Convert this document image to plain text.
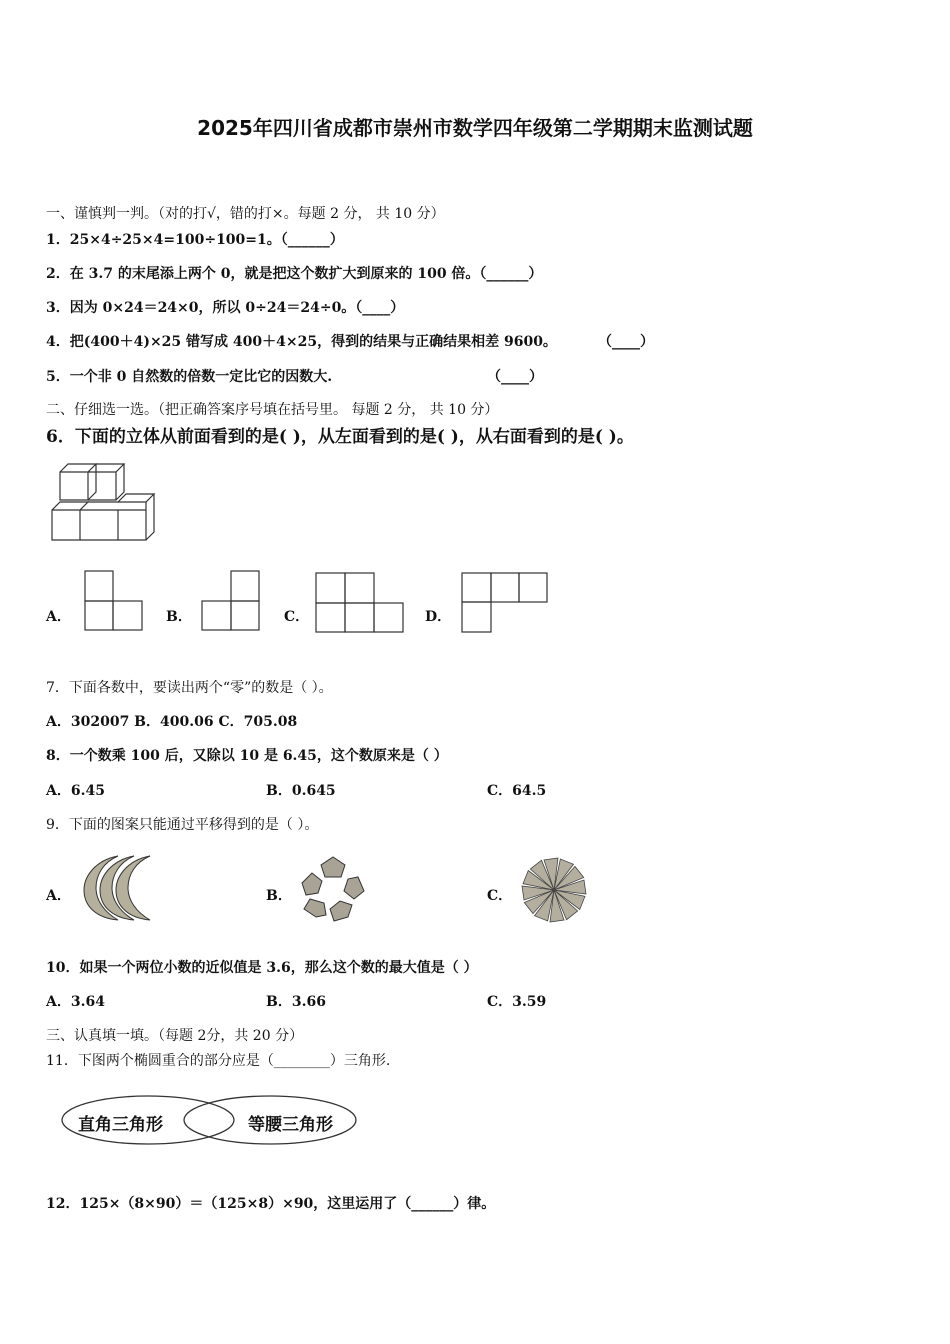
2025年四川省成都市崇州市数学四年级第二学期期末监测试题
一、谨慎判一判。（对的打√，错的打×。每题 2 分， 共 10 分）
1．25×4÷25×4=100÷100=1。（______）
2．在 3.7 的末尾添上两个 0，就是把这个数扩大到原来的 100 倍。（______）
3．因为 0×24＝24×0，所以 0÷24＝24÷0。（____）
4．把(400＋4)×25 错写成 400＋4×25，得到的结果与正确结果相差 9600。	（____）
5．一个非 0 自然数的倍数一定比它的因数大.	（____）
二、仔细选一选。（把正确答案序号填在括号里。 每题 2 分， 共 10 分）
6．下面的立体从前面看到的是( )，从左面看到的是( )，从右面看到的是( )。
A．	B．	C．	D．
7．下面各数中，要读出两个“零”的数是（ ）。
A．302007 B．400.06 C．705.08
8．一个数乘 100 后，又除以 10 是 6.45，这个数原来是（ ）
A．6.45	B．0.645	C．64.5
9．下面的图案只能通过平移得到的是（ ）。
A．	B．	C．
10．如果一个两位小数的近似值是 3.6，那么这个数的最大值是（ ）
A．3.64	B．3.66	C．3.59
三、认真填一填。（每题 2分，共 20 分）
11．下图两个椭圆重合的部分应是（________）三角形.
直角三角形	等腰三角形
12．125×（8×90）＝（125×8）×90，这里运用了（______）律。
